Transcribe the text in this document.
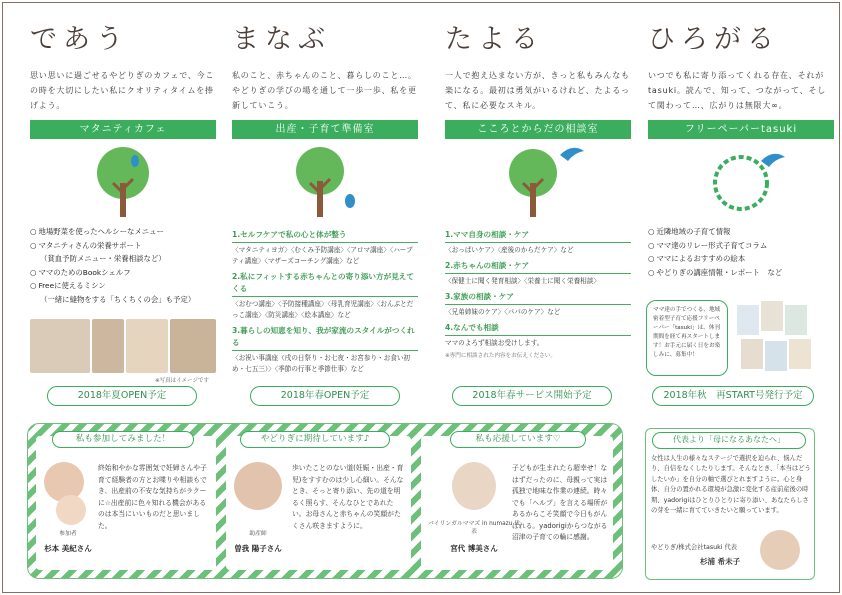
であう
思い思いに過ごせるやどりぎのカフェで、今この時を大切にしたい私にクオリティタイムを捧げよう。
マタニティカフェ
○ 地場野菜を使ったヘルシーなメニュー
○ マタニティさんの栄養サポート
（貧血予防メニュー・栄養相談など）
○ ママのためのBookシェルフ
○ Freeに使えるミシン
（一緒に縫物をする「ちくちくの会」も予定）
※写真はイメージです
2018年夏OPEN予定
まなぶ
私のこと、赤ちゃんのこと、暮らしのこと…。やどりぎの学びの場を通して一歩一歩、私を更新していこう。
出産・子育て準備室
1.セルフケアで私の心と体が整う
〈マタニティヨガ〉〈むくみ予防講座〉〈アロマ講座〉〈ハーブティ講座〉〈マザーズコーチング講座〉など
2.私にフィットする赤ちゃんとの寄り添い方が見えてくる
〈おむつ講座〉〈予防接種講座〉〈母乳育児講座〉〈おんぶとだっこ講座〉〈防災講座〉〈絵本講座〉など
3.暮らしの知恵を知り、我が家流のスタイルがつくれる
〈お祝い事講座（戌の日祭り・お七夜・お宮参り・お食い初め・七五三）〉〈季節の行事と季節仕事〉など
2018年春OPEN予定
たよる
一人で抱え込まない方が、きっと私もみんなも楽になる。最初は勇気がいるけれど、たよるって、私に必要なスキル。
こころとからだの相談室
1.ママ自身の相談・ケア
〈おっぱいケア〉〈産後のからだケア〉など
2.赤ちゃんの相談・ケア
〈保健士に聞く発育相談〉〈栄養士に聞く栄養相談〉
3.家族の相談・ケア
〈兄弟姉妹のケア〉〈パパのケア〉など
4.なんでも相談
ママのよろず相談お受けします。
※専門に相談された内容をお伝えください。
2018年春サービス開始予定
ひろがる
いつでも私に寄り添ってくれる存在、それがtasuki。読んで、知って、つながって、そして関わって…、広がりは無限大∞。
フリーペーパーtasuki
○ 近隣地域の子育て情報
○ ママ達のリレー形式子育てコラム
○ ママによるおすすめの絵本
○ やどりぎの講座情報・レポート　など
ママ達の手でつくる、地域密着型子育て応援フリーペーパー「tasuki」は、休刊期間を経て再スタートします！お手元に届く日をお楽しみに、募集中！
2018年秋　再START号発行予定
私も参加してみました！
参加者
杉本 美紀さん
終始和やかな雰囲気で妊婦さんや子育て経験者の方とお喋りや相談もでき、出産前の不安な気持ちがラクーに☆出産前に色々知れる機会があるのは本当にいいものだと思いました。
やどりぎに期待しています♪
助産師
曽我 陽子さん
歩いたことのない道(妊娠・出産・育児)をすすむのは少し心細い。そんなとき、そっと寄り添い、先の道を明るく照らす、そんなひとであれたい。お母さんと赤ちゃんの笑顔がたくさん咲きますように。
私も応援しています♡
バイリンガルママズ in numazu 代表
宮代 博美さん
子どもが生まれたら超幸せ！なはずだったのに、母親って実は孤独で地味な作業の連続。時々でも「ヘルプ」を言える場所があるからこそ笑顔で今日もがんばれる。yadorigiからつながる沼津の子育ての輪に感謝。
代表より「母になるあなたへ」
女性は人生の様々なステージで選択を迫られ、悩んだり、自信をなくしたりします。そんなとき、「本当はどうしたいか」を自分の軸で選びとれますように。心と身体、自分の置かれる環境が急激に変化する産前産後の時期、yadorigiはひとりひとりに寄り添い、あなたらしさの芽を一緒に育てていきたいと願っています。
やどりぎ/株式会社tasuki 代表
杉浦 希未子
